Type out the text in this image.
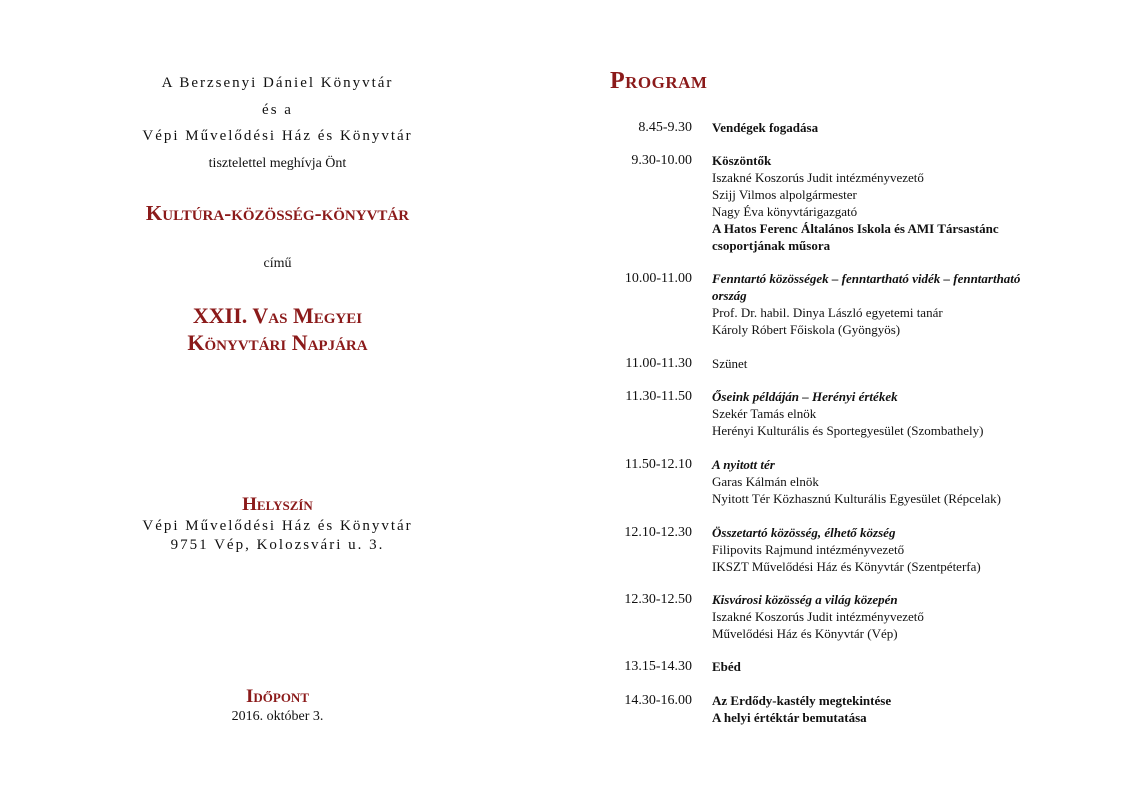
A Berzsenyi Dániel Könyvtár
és a
Vépi Művelődési Ház és Könyvtár
tisztelettel meghívja Önt
Kultúra-közösség-könyvtár
című
XXII. Vas Megyei
Könyvtári Napjára
Helyszín
Vépi Művelődési Ház és Könyvtár
9751 Vép, Kolozsvári u. 3.
Időpont
2016. október 3.
Program
8.45-9.30 Vendégek fogadása
9.30-10.00 Köszöntők
Iszakné Koszorús Judit intézményvezető
Szijj Vilmos alpolgármester
Nagy Éva könyvtárigazgató
A Hatos Ferenc Általános Iskola és AMI Társastánc
csoportjának műsora
10.00-11.00 Fenntartó közösségek – fenntartható vidék – fenntartható
ország
Prof. Dr. habil. Dinya László egyetemi tanár
Károly Róbert Főiskola (Gyöngyös)
11.00-11.30 Szünet
11.30-11.50 Őseink példáján – Herényi értékek
Szekér Tamás elnök
Herényi Kulturális és Sportegyesület (Szombathely)
11.50-12.10 A nyitott tér
Garas Kálmán elnök
Nyitott Tér Közhasznú Kulturális Egyesület (Répcelak)
12.10-12.30 Összetartó közösség, élhető község
Filipovits Rajmund intézményvezető
IKSZT Művelődési Ház és Könyvtár (Szentpéterfa)
12.30-12.50 Kisvárosi közösség a világ közepén
Iszakné Koszorús Judit intézményvezető
Művelődési Ház és Könyvtár (Vép)
13.15-14.30 Ebéd
14.30-16.00 Az Erdődy-kastély megtekintése
A helyi értéktár bemutatása
